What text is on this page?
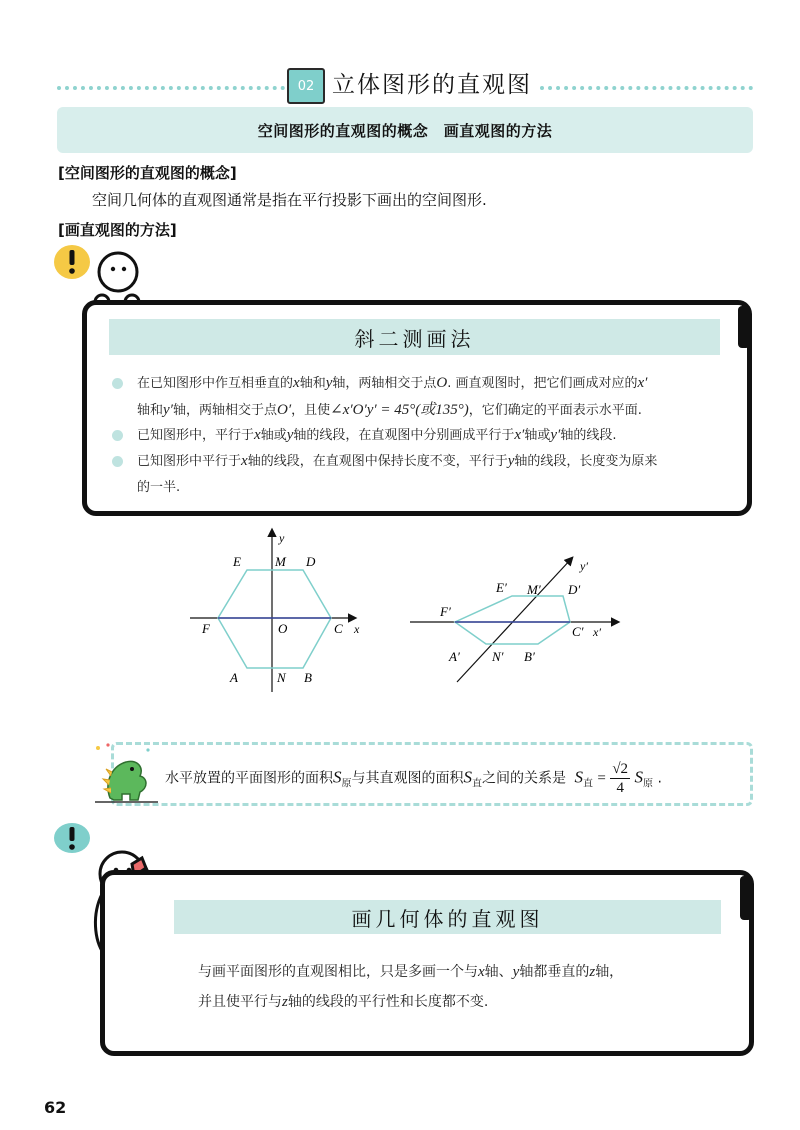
02 立体图形的直观图
空间图形的直观图的概念　画直观图的方法
[空间图形的直观图的概念]
空间几何体的直观图通常是指在平行投影下画出的空间图形.
[画直观图的方法]
斜二测画法
在已知图形中作互相垂直的x轴和y轴，两轴相交于点O. 画直观图时，把它们画成对应的x′
轴和y′轴，两轴相交于点O′，且使∠x′O′y′ = 45°(或135°)，它们确定的平面表示水平面.
已知图形中，平行于x轴或y轴的线段，在直观图中分别画成平行于x′轴或y′轴的线段.
已知图形中平行于x轴的线段，在直观图中保持长度不变，平行于y轴的线段，长度变为原来
的一半.
y
E	M D
F	O	C x
A	N B
y′
E′ M′ D′
F′
C′ x′
A′ N′ B′
水平放置的平面图形的面积$S_原$与其直观图的面积$S_直$之间的关系是 $S_直 = \frac{√2}{4} S_原$ .
画几何体的直观图
与画平面图形的直观图相比，只是多画一个与x轴、y轴都垂直的z轴，
并且使平行与z轴的线段的平行性和长度都不变.
62
